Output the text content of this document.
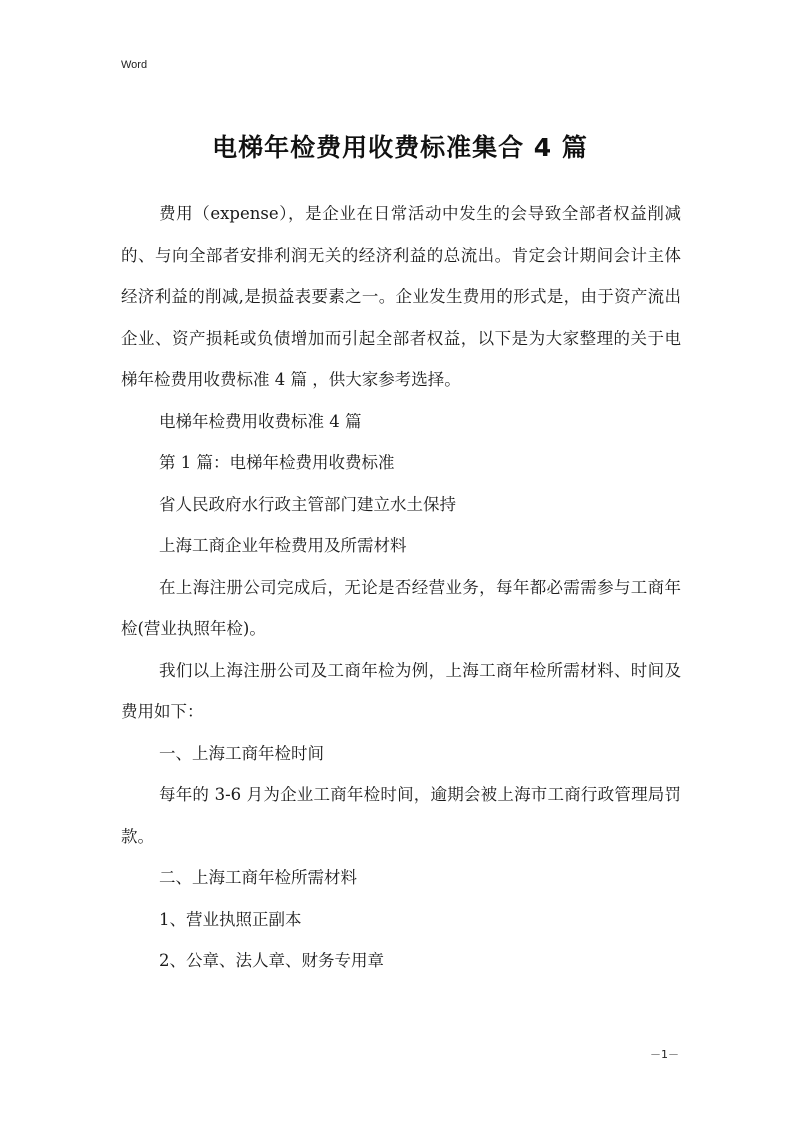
Word
电梯年检费用收费标准集合 4 篇

费用（expense），是企业在日常活动中发生的会导致全部者权益削减的、与向全部者安排利润无关的经济利益的总流出。肯定会计期间会计主体经济利益的削减,是损益表要素之一。企业发生费用的形式是，由于资产流出企业、资产损耗或负债增加而引起全部者权益，以下是为大家整理的关于电梯年检费用收费标准 4 篇 ，供大家参考选择。

电梯年检费用收费标准 4 篇

第 1 篇：电梯年检费用收费标准

省人民政府水行政主管部门建立水土保持

上海工商企业年检费用及所需材料

在上海注册公司完成后，无论是否经营业务，每年都必需需参与工商年检(营业执照年检)。

我们以上海注册公司及工商年检为例，上海工商年检所需材料、时间及费用如下：

一、上海工商年检时间

每年的 3-6 月为企业工商年检时间，逾期会被上海市工商行政管理局罚款。

二、上海工商年检所需材料

1、营业执照正副本

2、公章、法人章、财务专用章

－1－
